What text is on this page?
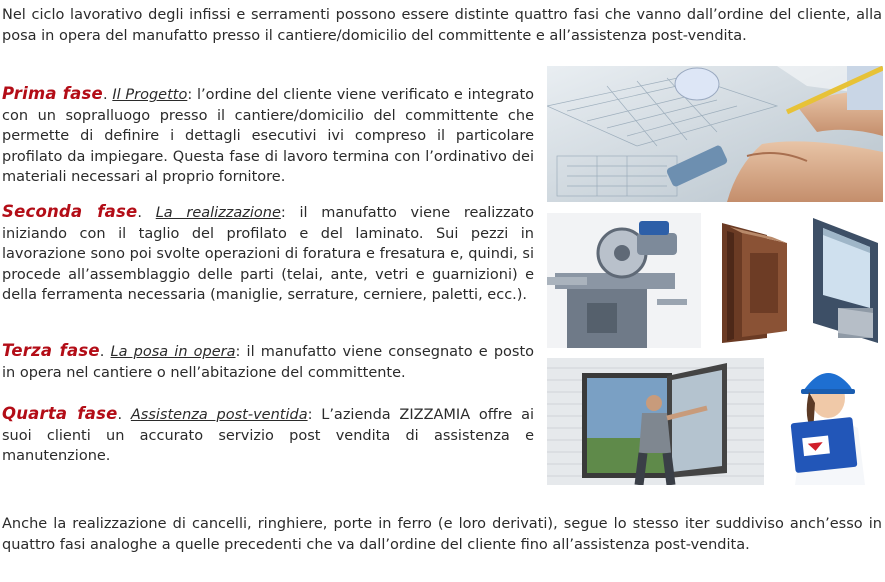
Nel ciclo lavorativo degli infissi e serramenti possono essere distinte quattro fasi che vanno dall’ordine del cliente, alla posa in opera del manufatto presso il cantiere/domicilio del committente e all’assistenza post-vendita.

Prima fase. Il Progetto: l’ordine del cliente viene verificato e integrato con un sopralluogo presso il cantiere/domicilio del committente che permette di definire i dettagli esecutivi ivi compreso il particolare profilato da impiegare. Questa fase di lavoro termina con l’ordinativo dei materiali necessari al proprio fornitore.

Seconda fase. La realizzazione: il manufatto viene realizzato iniziando con il taglio del profilato e del laminato. Sui pezzi in lavorazione sono poi svolte operazioni di foratura e fresatura e, quindi, si procede all’assemblaggio delle parti (telai, ante, vetri e guarnizioni) e della ferramenta necessaria (maniglie, serrature, cerniere, paletti, ecc.).

Terza fase. La posa in opera: il manufatto viene consegnato e posto in opera nel cantiere o nell’abitazione del committente.

Quarta fase. Assistenza post-ventida: L’azienda ZIZZAMIA offre ai suoi clienti un accurato servizio post vendita di assistenza e manutenzione.

Anche la realizzazione di cancelli, ringhiere, porte in ferro (e loro derivati), segue lo stesso iter suddiviso anch’esso in quattro fasi analoghe a quelle precedenti che va dall’ordine del cliente fino all’assistenza post-vendita.
